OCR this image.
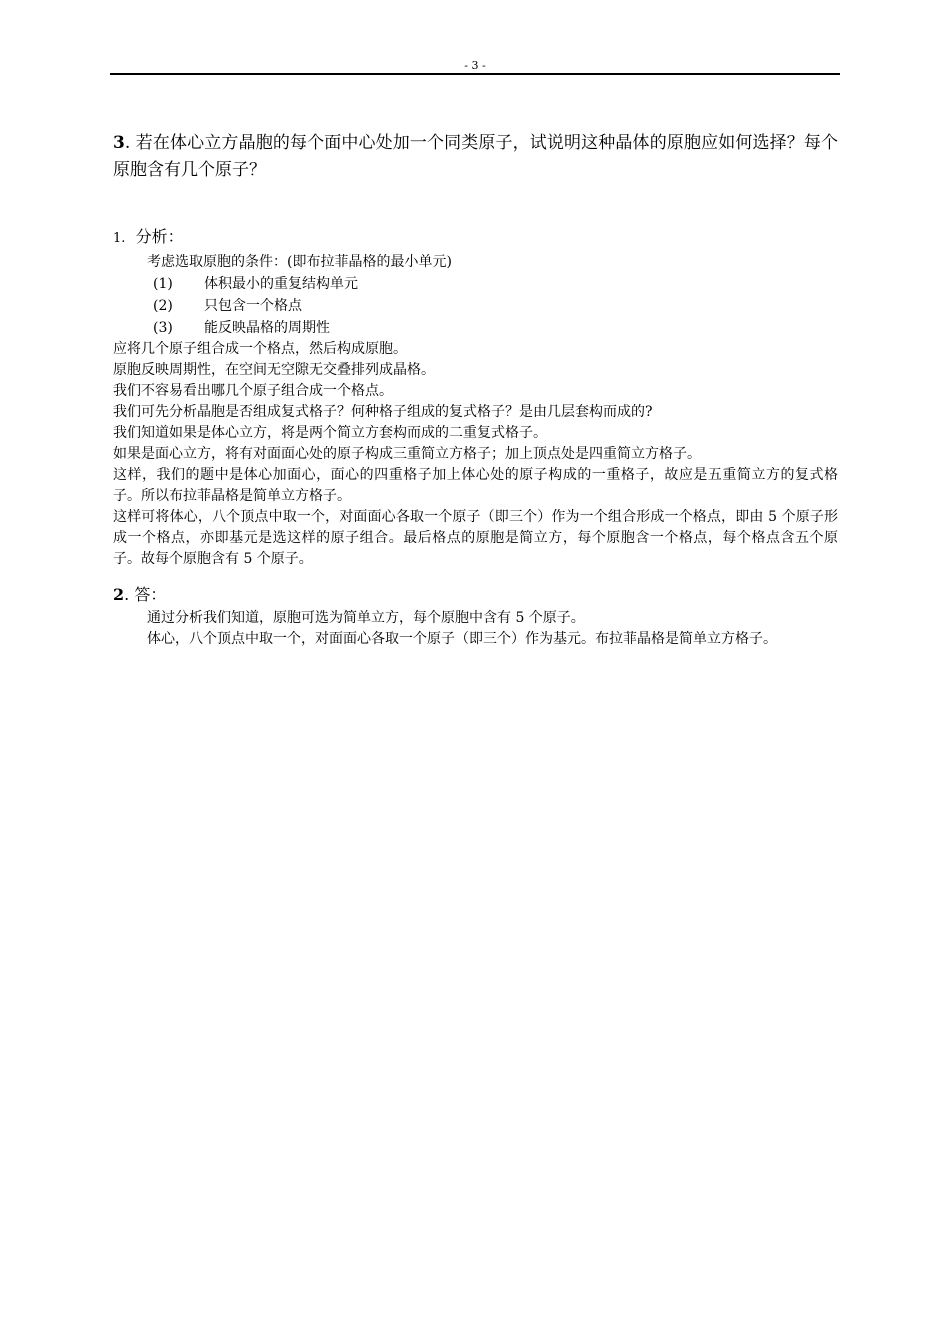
- 3 -

3. 若在体心立方晶胞的每个面中心处加一个同类原子，试说明这种晶体的原胞应如何选择？每个原胞含有几个原子？

1. 分析：

考虑选取原胞的条件：(即布拉菲晶格的最小单元)

(1)	体积最小的重复结构单元
(2)	只包含一个格点
(3)	能反映晶格的周期性

应将几个原子组合成一个格点，然后构成原胞。

原胞反映周期性，在空间无空隙无交叠排列成晶格。

我们不容易看出哪几个原子组合成一个格点。

我们可先分析晶胞是否组成复式格子？何种格子组成的复式格子？是由几层套构而成的?

我们知道如果是体心立方，将是两个简立方套构而成的二重复式格子。

如果是面心立方，将有对面面心处的原子构成三重简立方格子；加上顶点处是四重简立方格子。

这样，我们的题中是体心加面心，面心的四重格子加上体心处的原子构成的一重格子，故应是五重简立方的复式格子。所以布拉菲晶格是简单立方格子。

这样可将体心，八个顶点中取一个，对面面心各取一个原子（即三个）作为一个组合形成一个格点，即由 5 个原子形成一个格点，亦即基元是选这样的原子组合。最后格点的原胞是简立方，每个原胞含一个格点，每个格点含五个原子。故每个原胞含有 5 个原子。

2. 答：

通过分析我们知道，原胞可选为简单立方，每个原胞中含有 5 个原子。

体心，八个顶点中取一个，对面面心各取一个原子（即三个）作为基元。布拉菲晶格是简单立方格子。
